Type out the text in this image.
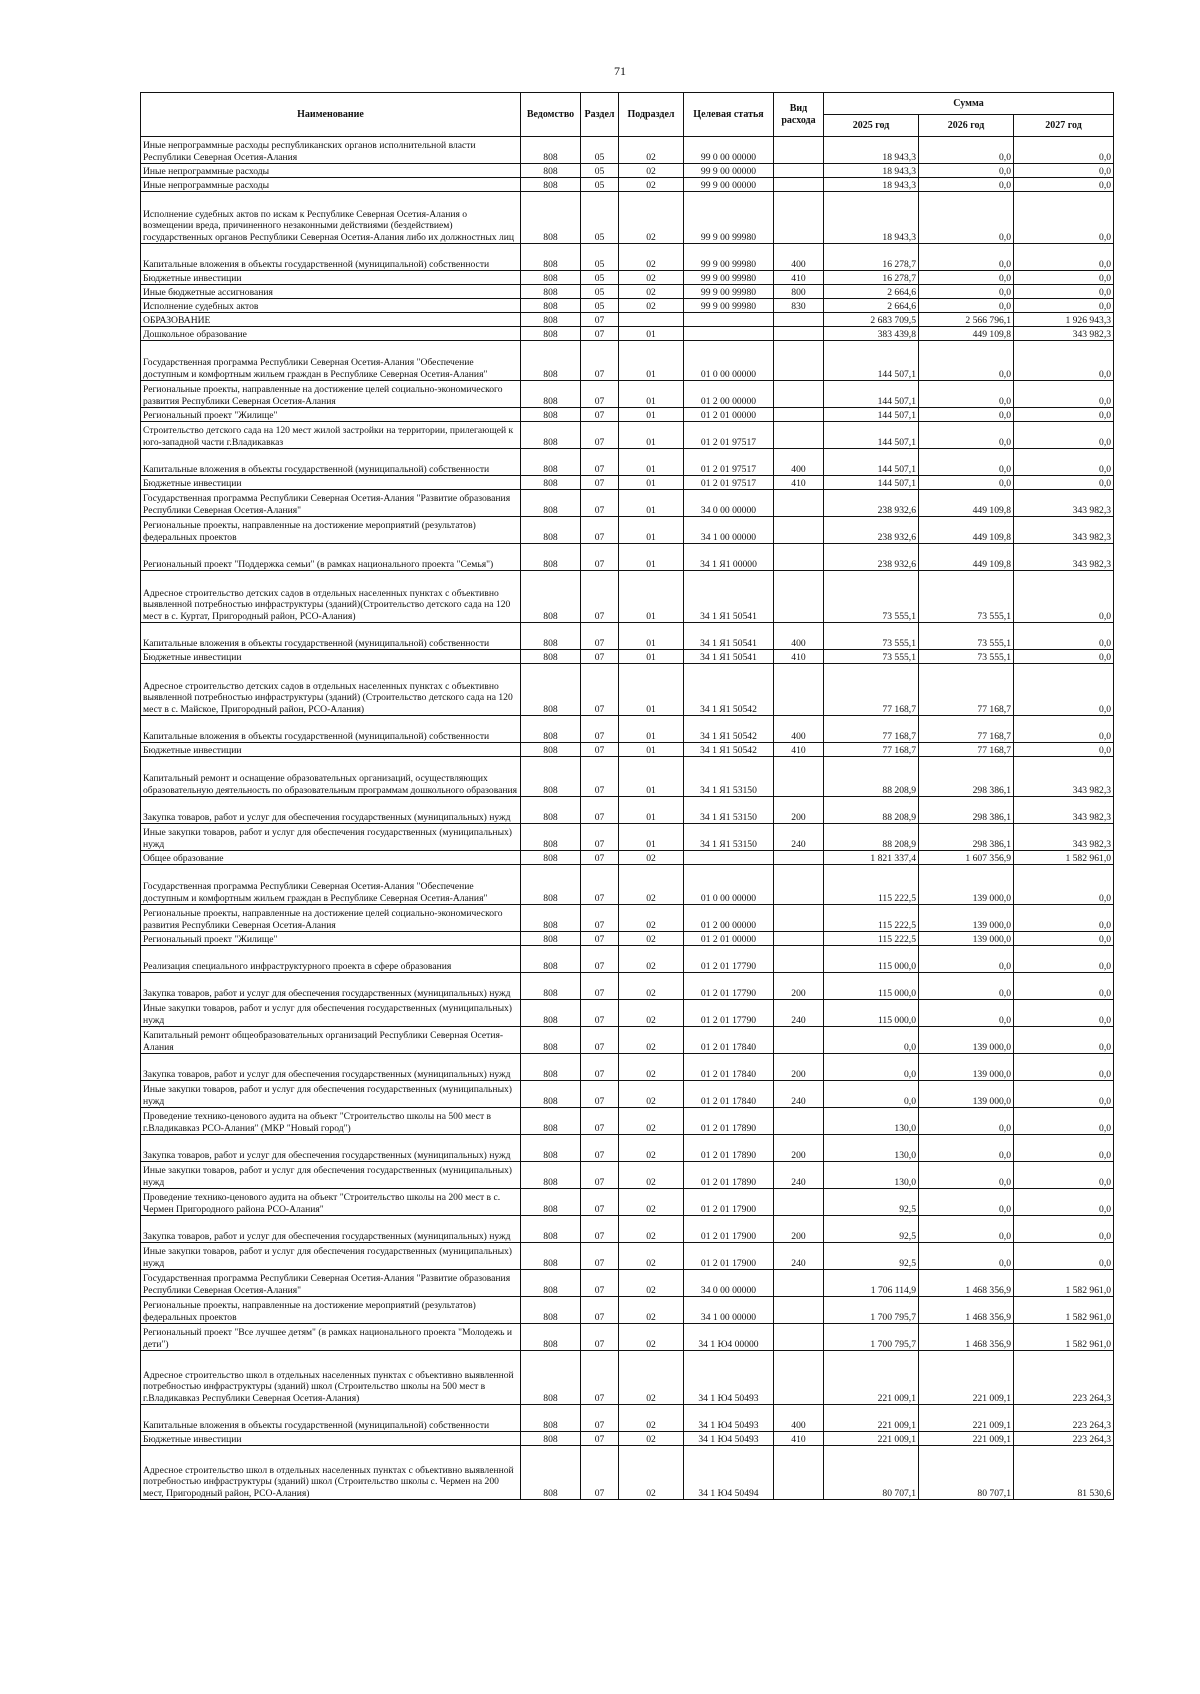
71
Наименование	Ведомство	Раздел	Подраздел	Целевая статья	Вид расхода	Сумма		
						2025 год	2026 год	2027 год
Иные непрограммные расходы республиканских органов исполнительной власти Республики Северная Осетия-Алания	808	05	02	99 0 00 00000		18 943,3	0,0	0,0
Иные непрограммные расходы	808	05	02	99 9 00 00000		18 943,3	0,0	0,0
Иные непрограммные расходы	808	05	02	99 9 00 00000		18 943,3	0,0	0,0
Исполнение судебных актов по искам к Республике Северная Осетия-Алания о возмещении вреда, причиненного незаконными действиями (бездействием) государственных органов Республики Северная Осетия-Алания либо их должностных лиц	808	05	02	99 9 00 99980		18 943,3	0,0	0,0
Капитальные вложения в объекты государственной (муниципальной) собственности	808	05	02	99 9 00 99980	400	16 278,7	0,0	0,0
Бюджетные инвестиции	808	05	02	99 9 00 99980	410	16 278,7	0,0	0,0
Иные бюджетные ассигнования	808	05	02	99 9 00 99980	800	2 664,6	0,0	0,0
Исполнение судебных актов	808	05	02	99 9 00 99980	830	2 664,6	0,0	0,0
ОБРАЗОВАНИЕ	808	07				2 683 709,5	2 566 796,1	1 926 943,3
Дошкольное образование	808	07	01			383 439,8	449 109,8	343 982,3
Государственная программа Республики Северная Осетия-Алания "Обеспечение доступным и комфортным жильем граждан в Республике Северная Осетия-Алания"	808	07	01	01 0 00 00000		144 507,1	0,0	0,0
Региональные проекты, направленные на достижение целей социально-экономического развития Республики Северная Осетия-Алания	808	07	01	01 2 00 00000		144 507,1	0,0	0,0
Региональный проект "Жилище"	808	07	01	01 2 01 00000		144 507,1	0,0	0,0
Строительство детского сада на 120 мест жилой застройки на территории, прилегающей к юго-западной части г.Владикавказ	808	07	01	01 2 01 97517		144 507,1	0,0	0,0
Капитальные вложения в объекты государственной (муниципальной) собственности	808	07	01	01 2 01 97517	400	144 507,1	0,0	0,0
Бюджетные инвестиции	808	07	01	01 2 01 97517	410	144 507,1	0,0	0,0
Государственная программа Республики Северная Осетия-Алания "Развитие образования Республики Северная Осетия-Алания"	808	07	01	34 0 00 00000		238 932,6	449 109,8	343 982,3
Региональные проекты, направленные на достижение мероприятий (результатов) федеральных проектов	808	07	01	34 1 00 00000		238 932,6	449 109,8	343 982,3
Региональный проект "Поддержка семьи" (в рамках национального проекта "Семья")	808	07	01	34 1 Я1 00000		238 932,6	449 109,8	343 982,3
Адресное строительство детских садов в отдельных населенных пунктах с объективно выявленной потребностью инфраструктуры (зданий)(Строительство детского сада на 120 мест в с. Куртат, Пригородный район, РСО-Алания)	808	07	01	34 1 Я1 50541		73 555,1	73 555,1	0,0
Капитальные вложения в объекты государственной (муниципальной) собственности	808	07	01	34 1 Я1 50541	400	73 555,1	73 555,1	0,0
Бюджетные инвестиции	808	07	01	34 1 Я1 50541	410	73 555,1	73 555,1	0,0
Адресное строительство детских садов в отдельных населенных пунктах с объективно выявленной потребностью инфраструктуры (зданий) (Строительство детского сада на 120 мест в с. Майское, Пригородный район, РСО-Алания)	808	07	01	34 1 Я1 50542		77 168,7	77 168,7	0,0
Капитальные вложения в объекты государственной (муниципальной) собственности	808	07	01	34 1 Я1 50542	400	77 168,7	77 168,7	0,0
Бюджетные инвестиции	808	07	01	34 1 Я1 50542	410	77 168,7	77 168,7	0,0
Капитальный ремонт и оснащение образовательных организаций, осуществляющих образовательную деятельность по образовательным программам дошкольного образования	808	07	01	34 1 Я1 53150		88 208,9	298 386,1	343 982,3
Закупка товаров, работ и услуг для обеспечения государственных (муниципальных) нужд	808	07	01	34 1 Я1 53150	200	88 208,9	298 386,1	343 982,3
Иные закупки товаров, работ и услуг для обеспечения государственных (муниципальных) нужд	808	07	01	34 1 Я1 53150	240	88 208,9	298 386,1	343 982,3
Общее образование	808	07	02			1 821 337,4	1 607 356,9	1 582 961,0
Государственная программа Республики Северная Осетия-Алания "Обеспечение доступным и комфортным жильем граждан в Республике Северная Осетия-Алания"	808	07	02	01 0 00 00000		115 222,5	139 000,0	0,0
Региональные проекты, направленные на достижение целей социально-экономического развития Республики Северная Осетия-Алания	808	07	02	01 2 00 00000		115 222,5	139 000,0	0,0
Региональный проект "Жилище"	808	07	02	01 2 01 00000		115 222,5	139 000,0	0,0
Реализация специального инфраструктурного проекта в сфере образования	808	07	02	01 2 01 17790		115 000,0	0,0	0,0
Закупка товаров, работ и услуг для обеспечения государственных (муниципальных) нужд	808	07	02	01 2 01 17790	200	115 000,0	0,0	0,0
Иные закупки товаров, работ и услуг для обеспечения государственных (муниципальных) нужд	808	07	02	01 2 01 17790	240	115 000,0	0,0	0,0
Капитальный ремонт общеобразовательных организаций Республики Северная Осетия-Алания	808	07	02	01 2 01 17840		0,0	139 000,0	0,0
Закупка товаров, работ и услуг для обеспечения государственных (муниципальных) нужд	808	07	02	01 2 01 17840	200	0,0	139 000,0	0,0
Иные закупки товаров, работ и услуг для обеспечения государственных (муниципальных) нужд	808	07	02	01 2 01 17840	240	0,0	139 000,0	0,0
Проведение технико-ценового аудита на объект "Строительство школы на 500 мест в г.Владикавказ РСО-Алания" (МКР "Новый город")	808	07	02	01 2 01 17890		130,0	0,0	0,0
Закупка товаров, работ и услуг для обеспечения государственных (муниципальных) нужд	808	07	02	01 2 01 17890	200	130,0	0,0	0,0
Иные закупки товаров, работ и услуг для обеспечения государственных (муниципальных) нужд	808	07	02	01 2 01 17890	240	130,0	0,0	0,0
Проведение технико-ценового аудита на объект "Строительство школы на 200 мест в с. Чермен Пригородного района РСО-Алания"	808	07	02	01 2 01 17900		92,5	0,0	0,0
Закупка товаров, работ и услуг для обеспечения государственных (муниципальных) нужд	808	07	02	01 2 01 17900	200	92,5	0,0	0,0
Иные закупки товаров, работ и услуг для обеспечения государственных (муниципальных) нужд	808	07	02	01 2 01 17900	240	92,5	0,0	0,0
Государственная программа Республики Северная Осетия-Алания "Развитие образования Республики Северная Осетия-Алания"	808	07	02	34 0 00 00000		1 706 114,9	1 468 356,9	1 582 961,0
Региональные проекты, направленные на достижение мероприятий (результатов) федеральных проектов	808	07	02	34 1 00 00000		1 700 795,7	1 468 356,9	1 582 961,0
Региональный проект "Все лучшее детям" (в рамках национального проекта "Молодежь и дети")	808	07	02	34 1 Ю4 00000		1 700 795,7	1 468 356,9	1 582 961,0
Адресное строительство школ в отдельных населенных пунктах с объективно выявленной потребностью инфраструктуры (зданий) школ (Строительство школы на 500 мест в г.Владикавказ Республики Северная Осетия-Алания)	808	07	02	34 1 Ю4 50493		221 009,1	221 009,1	223 264,3
Капитальные вложения в объекты государственной (муниципальной) собственности	808	07	02	34 1 Ю4 50493	400	221 009,1	221 009,1	223 264,3
Бюджетные инвестиции	808	07	02	34 1 Ю4 50493	410	221 009,1	221 009,1	223 264,3
Адресное строительство школ в отдельных населенных пунктах с объективно выявленной потребностью инфраструктуры (зданий) школ (Строительство школы с. Чермен на 200 мест, Пригородный район, РСО-Алания)	808	07	02	34 1 Ю4 50494		80 707,1	80 707,1	81 530,6
